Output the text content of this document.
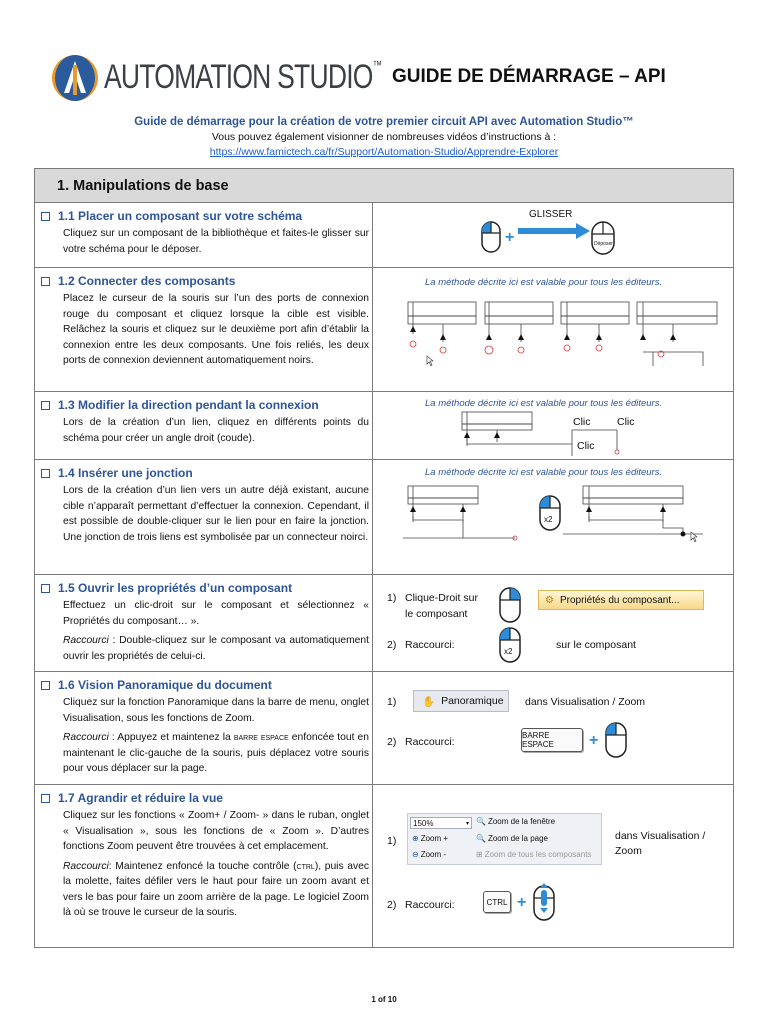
AUTOMATION STUDIO™
GUIDE DE DÉMARRAGE – API
Guide de démarrage pour la création de votre premier circuit API avec Automation Studio™
Vous pouvez également visionner de nombreuses vidéos d’instructions à :
https://www.famictech.ca/fr/Support/Automation-Studio/Apprendre-Explorer
1. Manipulations de base
1.1 Placer un composant sur votre schéma
Cliquez sur un composant de la bibliothèque et faites-le glisser sur votre schéma pour le déposer.
+
GLISSER
Déposer
1.2 Connecter des composants
Placez le curseur de la souris sur l’un des ports de connexion rouge du composant et cliquez lorsque la cible est visible. Relâchez la souris et cliquez sur le deuxième port afin d’établir la connexion entre les deux composants. Une fois reliés, les deux ports de connexion deviennent automatiquement noirs.
La méthode décrite ici est valable pour tous les éditeurs.
1.3 Modifier la direction pendant la connexion
Lors de la création d’un lien, cliquez en différents points du schéma pour créer un angle droit (coude).
La méthode décrite ici est valable pour tous les éditeurs.
Clic	Clic
Clic
1.4 Insérer une jonction
Lors de la création d’un lien vers un autre déjà existant, aucune cible n’apparaît permettant d’effectuer la connexion. Cependant, il est possible de double-cliquer sur le lien pour en faire la jonction. Une jonction de trois liens est symbolisée par un connecteur noirci.
La méthode décrite ici est valable pour tous les éditeurs.
x2
1.5 Ouvrir les propriétés d’un composant

Effectuez un clic-droit sur le composant et sélectionnez « Propriétés du composant… ».

Raccourci : Double-cliquez sur le composant va automatiquement ouvrir les propriétés de celui-ci.

1) Clique-Droit sur
le composant
⚙ Propriétés du composant...
2) Raccourci:
x2
sur le composant
1.6 Vision Panoramique du document

Cliquez sur la fonction Panoramique dans la barre de menu, onglet Visualisation, sous les fonctions de Zoom.

Raccourci : Appuyez et maintenez la barre espace enfoncée tout en maintenant le clic-gauche de la souris, puis déplacez votre souris pour vous déplacer sur la page.

1) ✋ Panoramique dans Visualisation / Zoom
2) Raccourci:
BARRE ESPACE	+
1.7 Agrandir et réduire la vue

Cliquez sur les fonctions « Zoom+ / Zoom- » dans le ruban, onglet « Visualisation », sous les fonctions de « Zoom ». D’autres fonctions Zoom peuvent être trouvées à cet emplacement.

Raccourci: Maintenez enfoncé la touche contrôle (ctrl), puis avec la molette, faites défiler vers le haut pour faire un zoom avant et vers le bas pour faire un zoom arrière de la page. Le logiciel Zoom là où se trouve le curseur de la souris.

1)
150%	▾
⊕ Zoom +
⊖ Zoom -
🔍 Zoom de la fenêtre
🔍 Zoom de la page
⊞ Zoom de tous les composants
dans Visualisation / Zoom
2) Raccourci:	CTRL +
1 of 10
